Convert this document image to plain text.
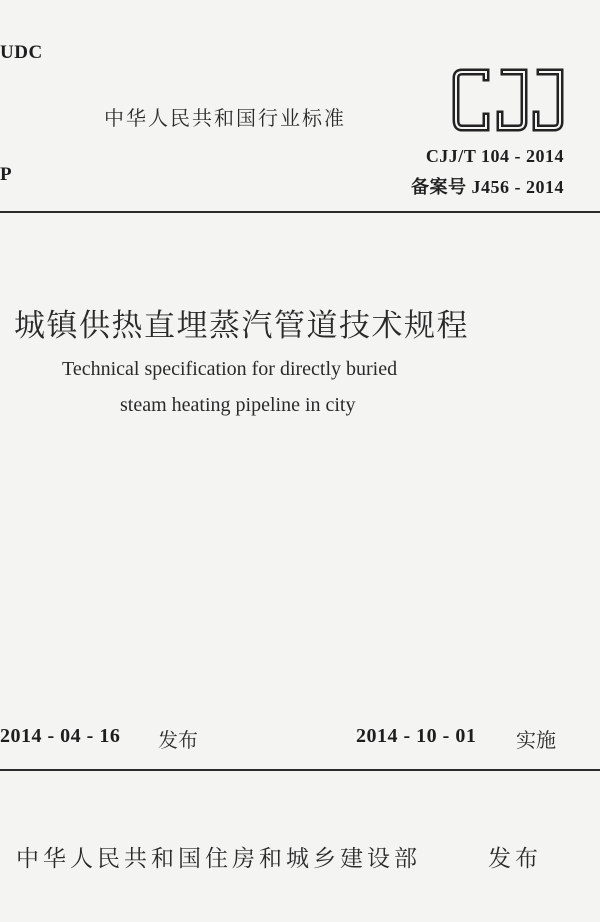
UDC
中华人民共和国行业标准
CJJ/T 104 - 2014
P
备案号 J456 - 2014
城镇供热直埋蒸汽管道技术规程
Technical specification for directly buried
steam heating pipeline in city
2014 - 04 - 16 发布	2014 - 10 - 01 实施
中华人民共和国住房和城乡建设部	发布
